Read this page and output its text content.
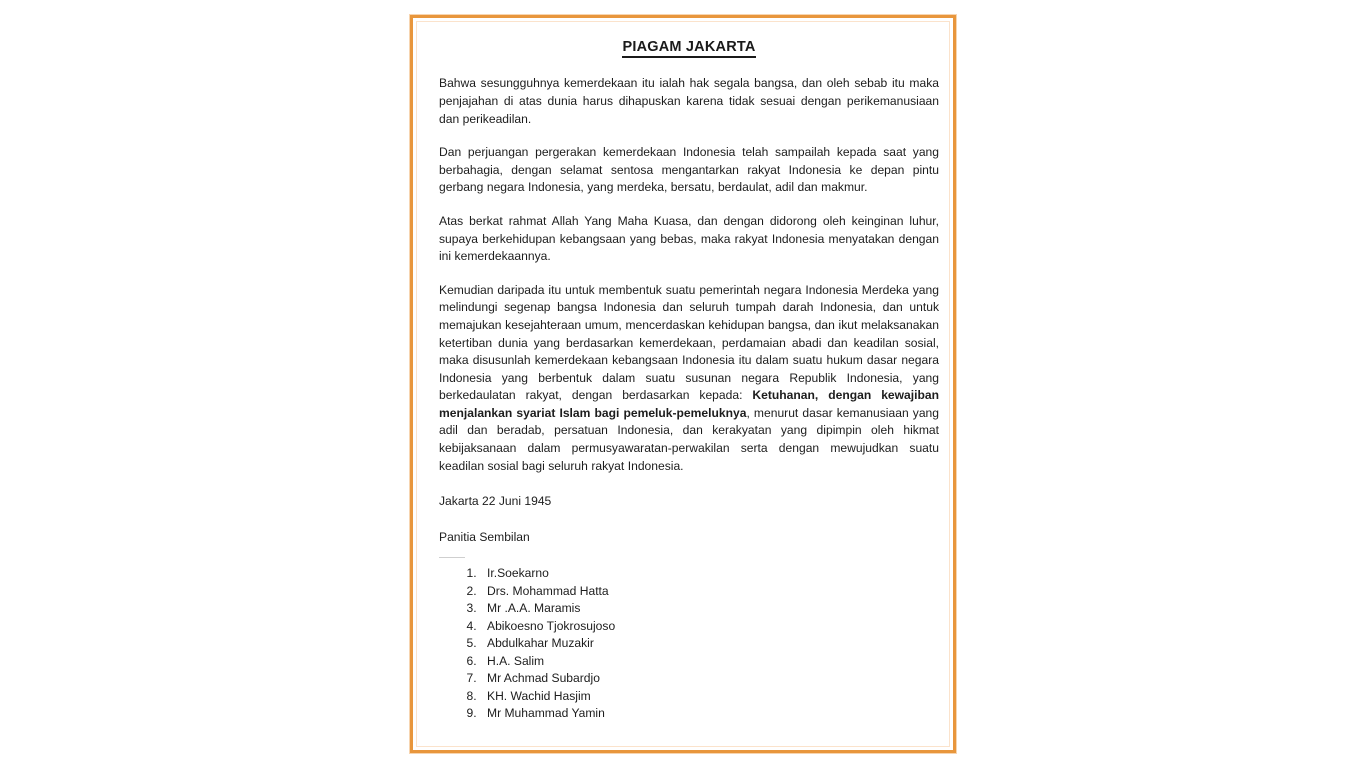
PIAGAM JAKARTA

Bahwa sesungguhnya kemerdekaan itu ialah hak segala bangsa, dan oleh sebab itu maka penjajahan di atas dunia harus dihapuskan karena tidak sesuai dengan perikemanusiaan dan perikeadilan.

Dan perjuangan pergerakan kemerdekaan Indonesia telah sampailah kepada saat yang berbahagia, dengan selamat sentosa mengantarkan rakyat Indonesia ke depan pintu gerbang negara Indonesia, yang merdeka, bersatu, berdaulat, adil dan makmur.

Atas berkat rahmat Allah Yang Maha Kuasa, dan dengan didorong oleh keinginan luhur, supaya berkehidupan kebangsaan yang bebas, maka rakyat Indonesia menyatakan dengan ini kemerdekaannya.

Kemudian daripada itu untuk membentuk suatu pemerintah negara Indonesia Merdeka yang melindungi segenap bangsa Indonesia dan seluruh tumpah darah Indonesia, dan untuk memajukan kesejahteraan umum, mencerdaskan kehidupan bangsa, dan ikut melaksanakan ketertiban dunia yang berdasarkan kemerdekaan, perdamaian abadi dan keadilan sosial, maka disusunlah kemerdekaan kebangsaan Indonesia itu dalam suatu hukum dasar negara Indonesia yang berbentuk dalam suatu susunan negara Republik Indonesia, yang berkedaulatan rakyat, dengan berdasarkan kepada: Ketuhanan, dengan kewajiban menjalankan syariat Islam bagi pemeluk-pemeluknya, menurut dasar kemanusiaan yang adil dan beradab, persatuan Indonesia, dan kerakyatan yang dipimpin oleh hikmat kebijaksanaan dalam permusyawaratan-perwakilan serta dengan mewujudkan suatu keadilan sosial bagi seluruh rakyat Indonesia.

Jakarta 22 Juni 1945

Panitia Sembilan

1. Ir.Soekarno
2. Drs. Mohammad Hatta
3. Mr .A.A. Maramis
4. Abikoesno Tjokrosujoso
5. Abdulkahar Muzakir
6. H.A. Salim
7. Mr Achmad Subardjo
8. KH. Wachid Hasjim
9. Mr Muhammad Yamin
